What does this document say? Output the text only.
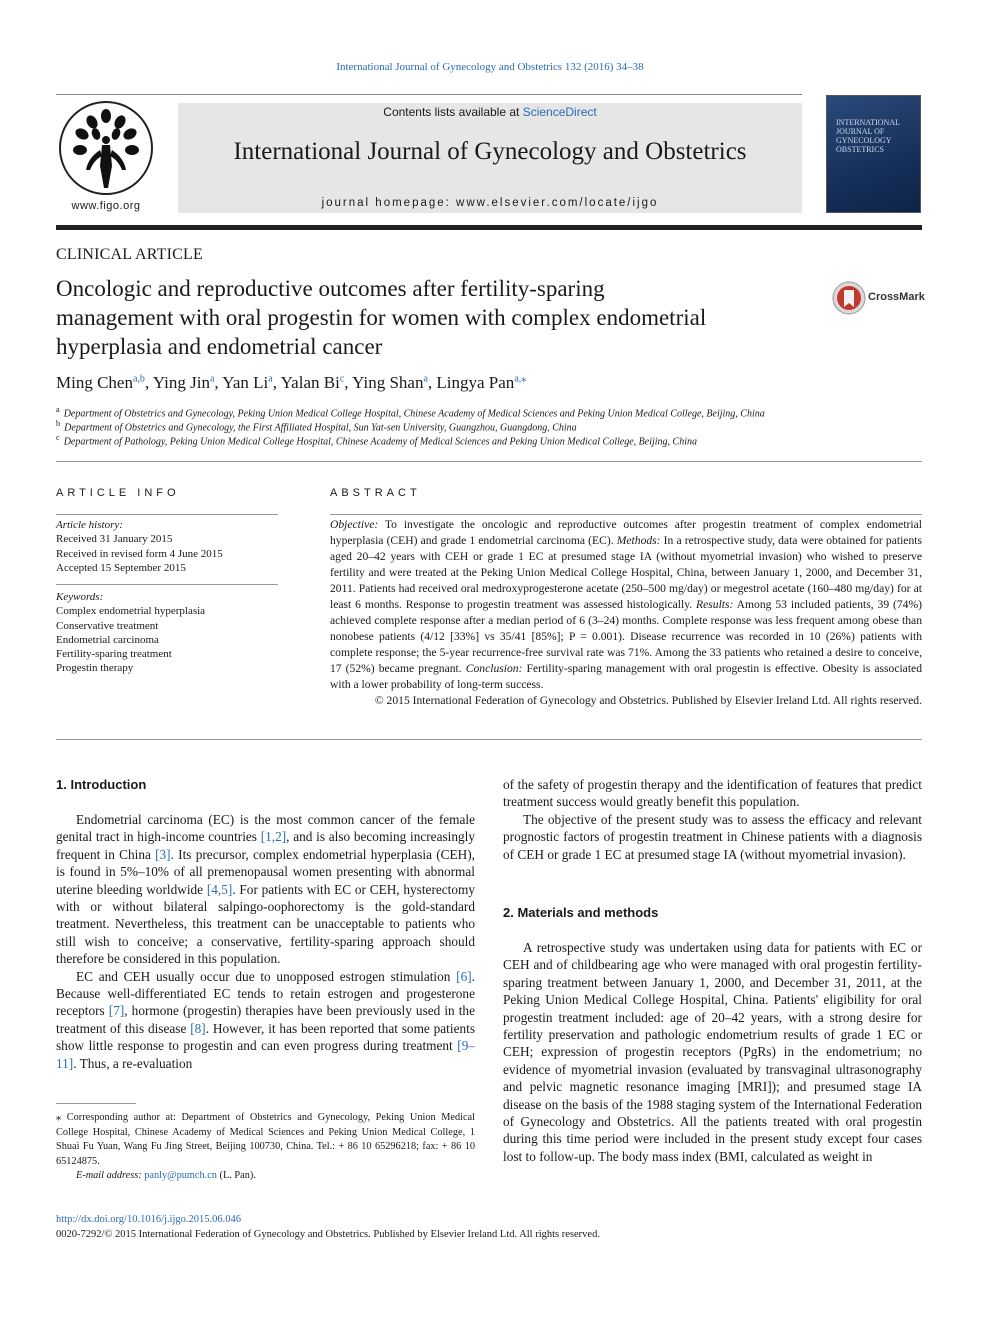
International Journal of Gynecology and Obstetrics 132 (2016) 34–38
www.figo.org
Contents lists available at ScienceDirect
International Journal of Gynecology and Obstetrics
journal homepage: www.elsevier.com/locate/ijgo
INTERNATIONAL JOURNAL OF GYNECOLOGY OBSTETRICS
CLINICAL ARTICLE
Oncologic and reproductive outcomes after fertility-sparing
management with oral progestin for women with complex endometrial
hyperplasia and endometrial cancer
CrossMark
Ming Chen$^{a,b}$, Ying Jin$^a$, Yan Li$^a$, Yalan Bi$^c$, Ying Shan$^a$, Lingya Pan$^{a,⁎}$
$^a$ Department of Obstetrics and Gynecology, Peking Union Medical College Hospital, Chinese Academy of Medical Sciences and Peking Union Medical College, Beijing, China
$^b$ Department of Obstetrics and Gynecology, the First Affiliated Hospital, Sun Yat-sen University, Guangzhou, Guangdong, China
$^c$ Department of Pathology, Peking Union Medical College Hospital, Chinese Academy of Medical Sciences and Peking Union Medical College, Beijing, China
ARTICLE INFO
Article history:
Received 31 January 2015
Received in revised form 4 June 2015
Accepted 15 September 2015
Keywords:
Complex endometrial hyperplasia
Conservative treatment
Endometrial carcinoma
Fertility-sparing treatment
Progestin therapy
ABSTRACT
Objective: To investigate the oncologic and reproductive outcomes after progestin treatment of complex endometrial hyperplasia (CEH) and grade 1 endometrial carcinoma (EC). Methods: In a retrospective study, data were obtained for patients aged 20–42 years with CEH or grade 1 EC at presumed stage IA (without myometrial invasion) who wished to preserve fertility and were treated at the Peking Union Medical College Hospital, China, between January 1, 2000, and December 31, 2011. Patients had received oral medroxyprogesterone acetate (250–500 mg/day) or megestrol acetate (160–480 mg/day) for at least 6 months. Response to progestin treatment was assessed histologically. Results: Among 53 included patients, 39 (74%) achieved complete response after a median period of 6 (3–24) months. Complete response was less frequent among obese than nonobese patients (4/12 [33%] vs 35/41 [85%]; P = 0.001). Disease recurrence was recorded in 10 (26%) patients with complete response; the 5-year recurrence-free survival rate was 71%. Among the 33 patients who retained a desire to conceive, 17 (52%) became pregnant. Conclusion: Fertility-sparing management with oral progestin is effective. Obesity is associated with a lower probability of long-term success.
© 2015 International Federation of Gynecology and Obstetrics. Published by Elsevier Ireland Ltd. All rights reserved.
1. Introduction

Endometrial carcinoma (EC) is the most common cancer of the female genital tract in high-income countries [1,2], and is also becoming increasingly frequent in China [3]. Its precursor, complex endometrial hyperplasia (CEH), is found in 5%–10% of all premenopausal women presenting with abnormal uterine bleeding worldwide [4,5]. For patients with EC or CEH, hysterectomy with or without bilateral salpingo-oophorectomy is the gold-standard treatment. Nevertheless, this treatment can be unacceptable to patients who still wish to conceive; a conservative, fertility-sparing approach should therefore be considered in this population.

EC and CEH usually occur due to unopposed estrogen stimulation [6]. Because well-differentiated EC tends to retain estrogen and progesterone receptors [7], hormone (progestin) therapies have been previously used in the treatment of this disease [8]. However, it has been reported that some patients show little response to progestin and can even progress during treatment [9–11]. Thus, a re-evaluation

⁎ Corresponding author at: Department of Obstetrics and Gynecology, Peking Union Medical College Hospital, Chinese Academy of Medical Sciences and Peking Union Medical College, 1 Shuai Fu Yuan, Wang Fu Jing Street, Beijing 100730, China. Tel.: + 86 10 65296218; fax: + 86 10 65124875.
E-mail address: panly@pumch.cn (L. Pan).

of the safety of progestin therapy and the identification of features that predict treatment success would greatly benefit this population.

The objective of the present study was to assess the efficacy and relevant prognostic factors of progestin treatment in Chinese patients with a diagnosis of CEH or grade 1 EC at presumed stage IA (without myometrial invasion).

2. Materials and methods

A retrospective study was undertaken using data for patients with EC or CEH and of childbearing age who were managed with oral progestin fertility-sparing treatment between January 1, 2000, and December 31, 2011, at the Peking Union Medical College Hospital, China. Patients' eligibility for oral progestin treatment included: age of 20–42 years, with a strong desire for fertility preservation and pathologic endometrium results of grade 1 EC or CEH; expression of progestin receptors (PgRs) in the endometrium; no evidence of myometrial invasion (evaluated by transvaginal ultrasonography and pelvic magnetic resonance imaging [MRI]); and presumed stage IA disease on the basis of the 1988 staging system of the International Federation of Gynecology and Obstetrics. All the patients treated with oral progestin during this time period were included in the present study except four cases lost to follow-up. The body mass index (BMI, calculated as weight in

http://dx.doi.org/10.1016/j.ijgo.2015.06.046
0020-7292/© 2015 International Federation of Gynecology and Obstetrics. Published by Elsevier Ireland Ltd. All rights reserved.
